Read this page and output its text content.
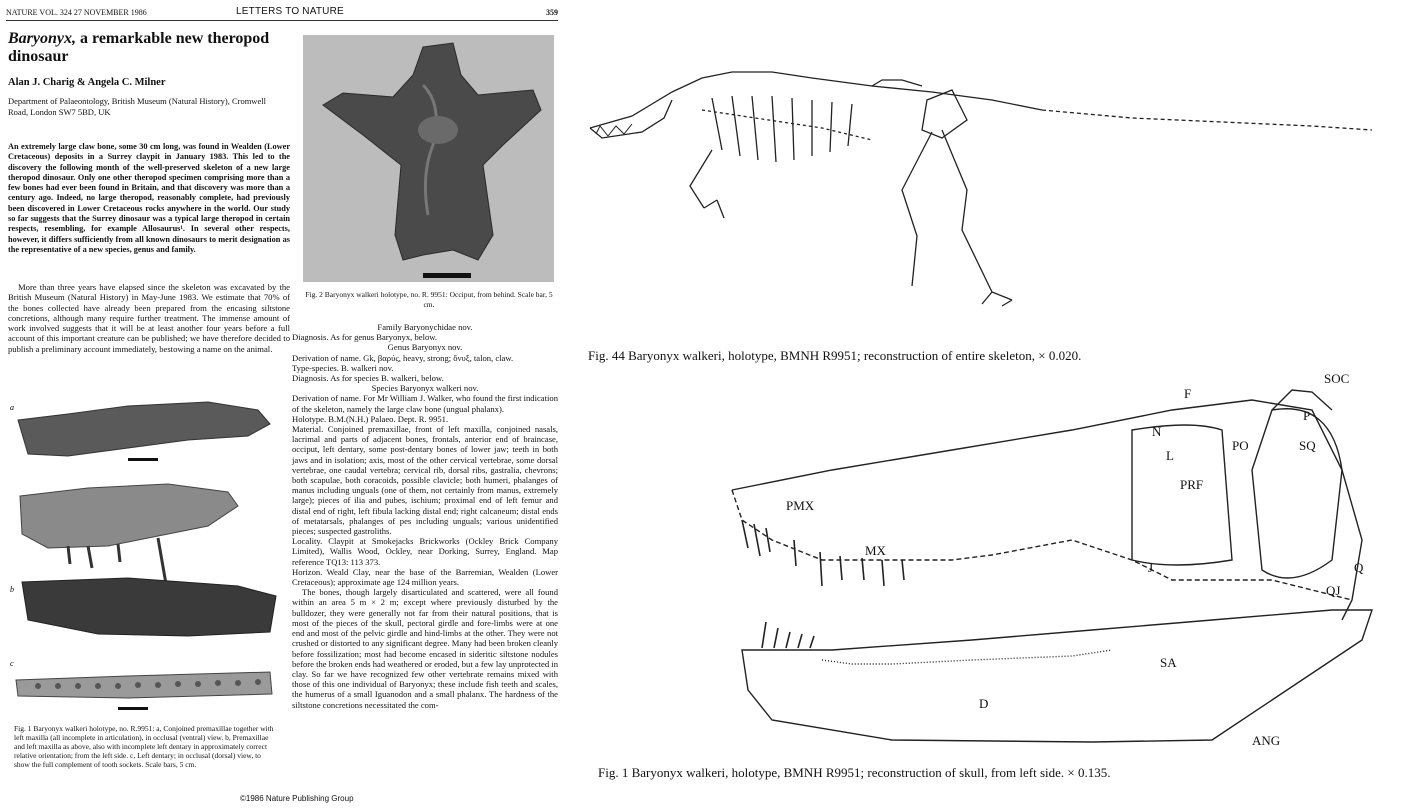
NATURE VOL. 324 27 NOVEMBER 1986	LETTERS TO NATURE	359
Baryonyx, a remarkable new theropod dinosaur
Alan J. Charig & Angela C. Milner
Department of Palaeontology, British Museum (Natural History), Cromwell Road, London SW7 5BD, UK
An extremely large claw bone, some 30 cm long, was found in Wealden (Lower Cretaceous) deposits in a Surrey claypit in January 1983. This led to the discovery the following month of the well-preserved skeleton of a new large theropod dinosaur. Only one other theropod specimen comprising more than a few bones had ever been found in Britain, and that discovery was more than a century ago. Indeed, no large theropod, reasonably complete, had previously been discovered in Lower Cretaceous rocks anywhere in the world. Our study so far suggests that the Surrey dinosaur was a typical large theropod in certain respects, resembling, for example Allosaurus¹. In several other respects, however, it differs sufficiently from all known dinosaurs to merit designation as the representative of a new species, genus and family.
More than three years have elapsed since the skeleton was excavated by the British Museum (Natural History) in May-June 1983. We estimate that 70% of the bones collected have already been prepared from the encasing siltstone concretions, although many require further treatment. The immense amount of work involved suggests that it will be at least another four years before a full account of this important creature can be published; we have therefore decided to publish a preliminary account immediately, bestowing a name on the animal.
Fig. 2 Baryonyx walkeri holotype, no. R. 9951: Occiput, from behind. Scale bar, 5 cm.

Family Baryonychidae nov.

Diagnosis. As for genus Baryonyx, below.

Genus Baryonyx nov.

Derivation of name. Gk, βαρύς, heavy, strong; ὄνυξ, talon, claw.

Type-species. B. walkeri nov.

Diagnosis. As for species B. walkeri, below.

Species Baryonyx walkeri nov.

Derivation of name. For Mr William J. Walker, who found the first indication of the skeleton, namely the large claw bone (ungual phalanx).

Holotype. B.M.(N.H.) Palaeo. Dept. R. 9951.

Material. Conjoined premaxillae, front of left maxilla, conjoined nasals, lacrimal and parts of adjacent bones, frontals, anterior end of braincase, occiput, left dentary, some post-dentary bones of lower jaw; teeth in both jaws and in isolation; axis, most of the other cervical vertebrae, some dorsal vertebrae, one caudal vertebra; cervical rib, dorsal ribs, gastralia, chevrons; both scapulae, both coracoids, possible clavicle; both humeri, phalanges of manus including unguals (one of them, not certainly from manus, extremely large); pieces of ilia and pubes, ischium; proximal end of left femur and distal end of right, left fibula lacking distal end; right calcaneum; distal ends of metatarsals, phalanges of pes including unguals; various unidentified pieces; suspected gastroliths.

Locality. Claypit at Smokejacks Brickworks (Ockley Brick Company Limited), Wallis Wood, Ockley, near Dorking, Surrey, England. Map reference TQ13: 113 373.

Horizon. Weald Clay, near the base of the Barremian, Wealden (Lower Cretaceous); approximate age 124 million years.

The bones, though largely disarticulated and scattered, were all found within an area 5 m × 2 m; except where previously disturbed by the bulldozer, they were generally not far from their natural positions, that is most of the pieces of the skull, pectoral girdle and fore-limbs were at one end and most of the pelvic girdle and hind-limbs at the other. They were not crushed or distorted to any significant degree. Many had been broken cleanly before fossilization; most had become encased in sideritic siltstone nodules before the broken ends had weathered or eroded, but a few lay unprotected in clay. So far we have recognized few other vertebrate remains mixed with those of this one individual of Baryonyx; these include fish teeth and scales, the humerus of a small Iguanodon and a small phalanx. The hardness of the siltstone concretions necessitated the com-

a
b
c
Fig. 1 Baryonyx walkeri holotype, no. R.9951: a, Conjoined premaxillae together with left maxilla (all incomplete in articulation), in occlusal (ventral) view. b, Premaxillae and left maxilla as above, also with incomplete left dentary in approximately correct relative orientation; from the left side. c, Left dentary; in occlusal (dorsal) view, to show the full complement of tooth sockets. Scale bars, 5 cm.
©1986 Nature Publishing Group
F
SOC
N
P
L
PO	SQ
PRF
PMX
MX
J	Q
QJ
SA
D
ANG
Fig. 44 Baryonyx walkeri, holotype, BMNH R9951; reconstruction of entire skeleton, × 0.020.
Fig. 1 Baryonyx walkeri, holotype, BMNH R9951; reconstruction of skull, from left side. × 0.135.
